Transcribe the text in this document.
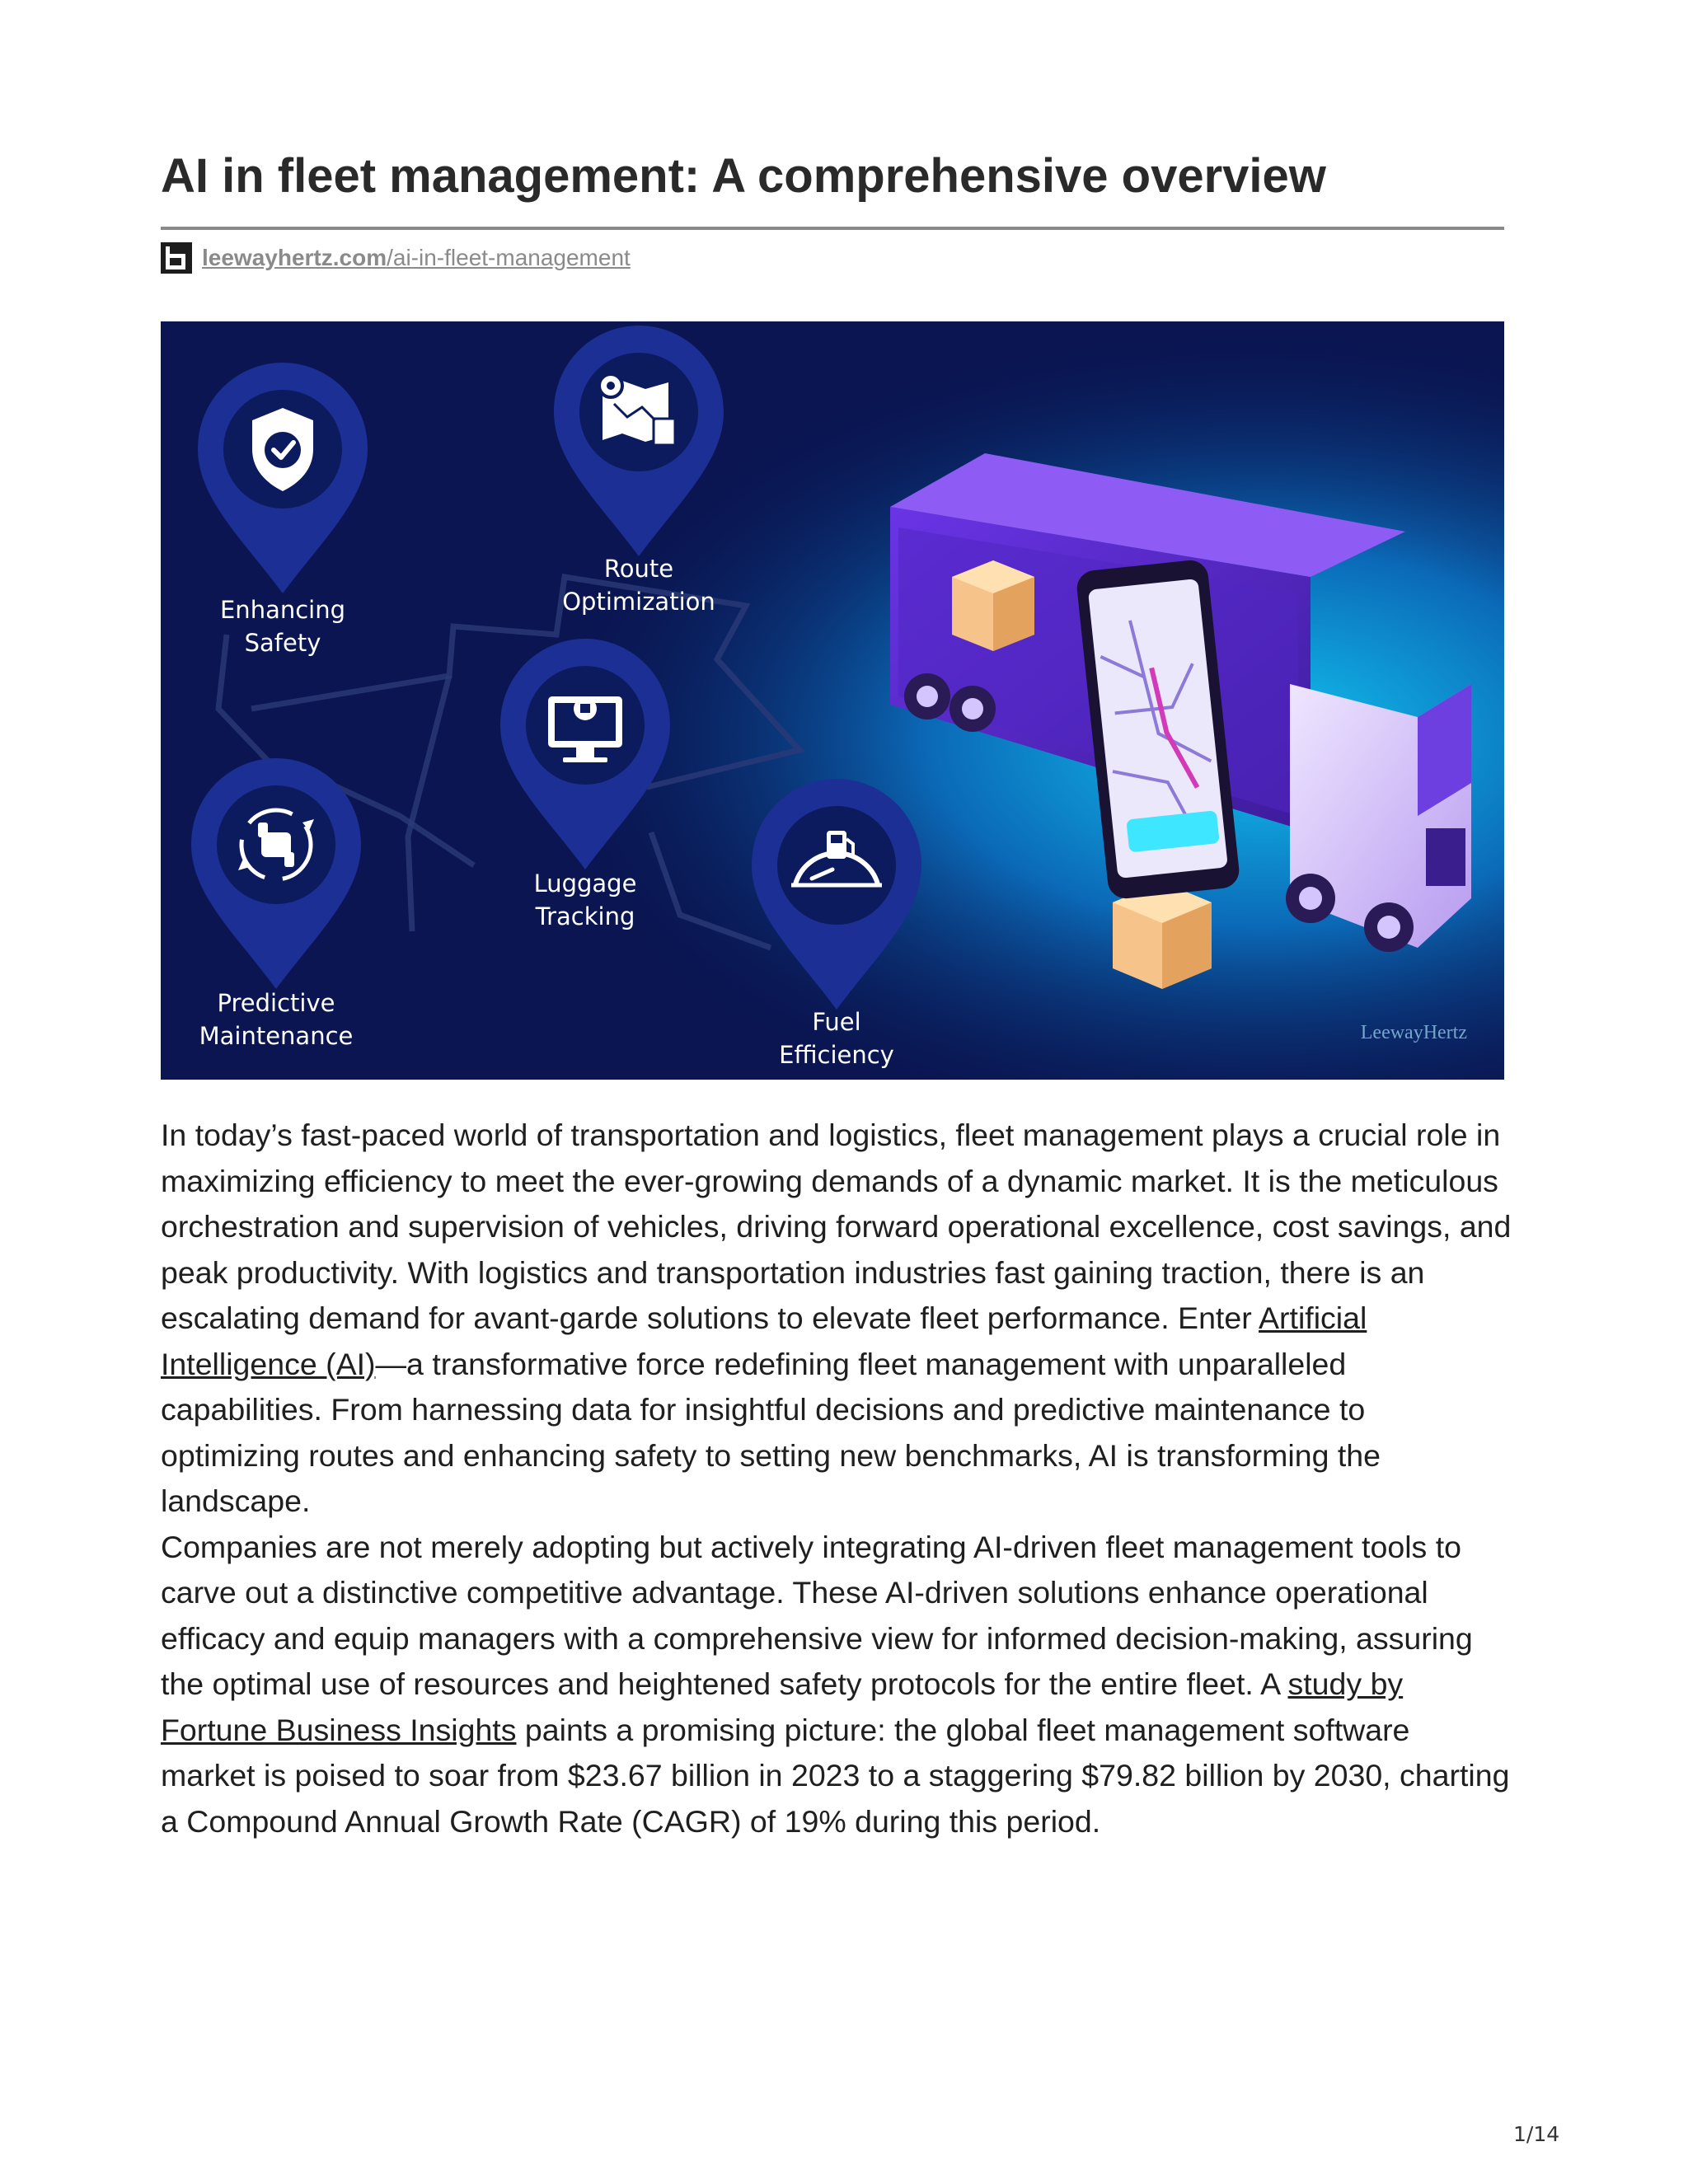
AI in fleet management: A comprehensive overview
leewayhertz.com/ai-in-fleet-management
Enhancing
Safety
Route
Optimization
Luggage
Tracking
Predictive
Maintenance	Fuel
Efficiency
LeewayHertz

In today’s fast-paced world of transportation and logistics, fleet management plays a crucial role in maximizing efficiency to meet the ever-growing demands of a dynamic market. It is the meticulous orchestration and supervision of vehicles, driving forward operational excellence, cost savings, and peak productivity. With logistics and transportation industries fast gaining traction, there is an escalating demand for avant-garde solutions to elevate fleet performance. Enter Artificial Intelligence (AI)—a transformative force redefining fleet management with unparalleled capabilities. From harnessing data for insightful decisions and predictive maintenance to optimizing routes and enhancing safety to setting new benchmarks, AI is transforming the landscape.

Companies are not merely adopting but actively integrating AI-driven fleet management tools to carve out a distinctive competitive advantage. These AI-driven solutions enhance operational efficacy and equip managers with a comprehensive view for informed decision-making, assuring the optimal use of resources and heightened safety protocols for the entire fleet. A study by Fortune Business Insights paints a promising picture: the global fleet management software market is poised to soar from $23.67 billion in 2023 to a staggering $79.82 billion by 2030, charting a Compound Annual Growth Rate (CAGR) of 19% during this period.

1/14
